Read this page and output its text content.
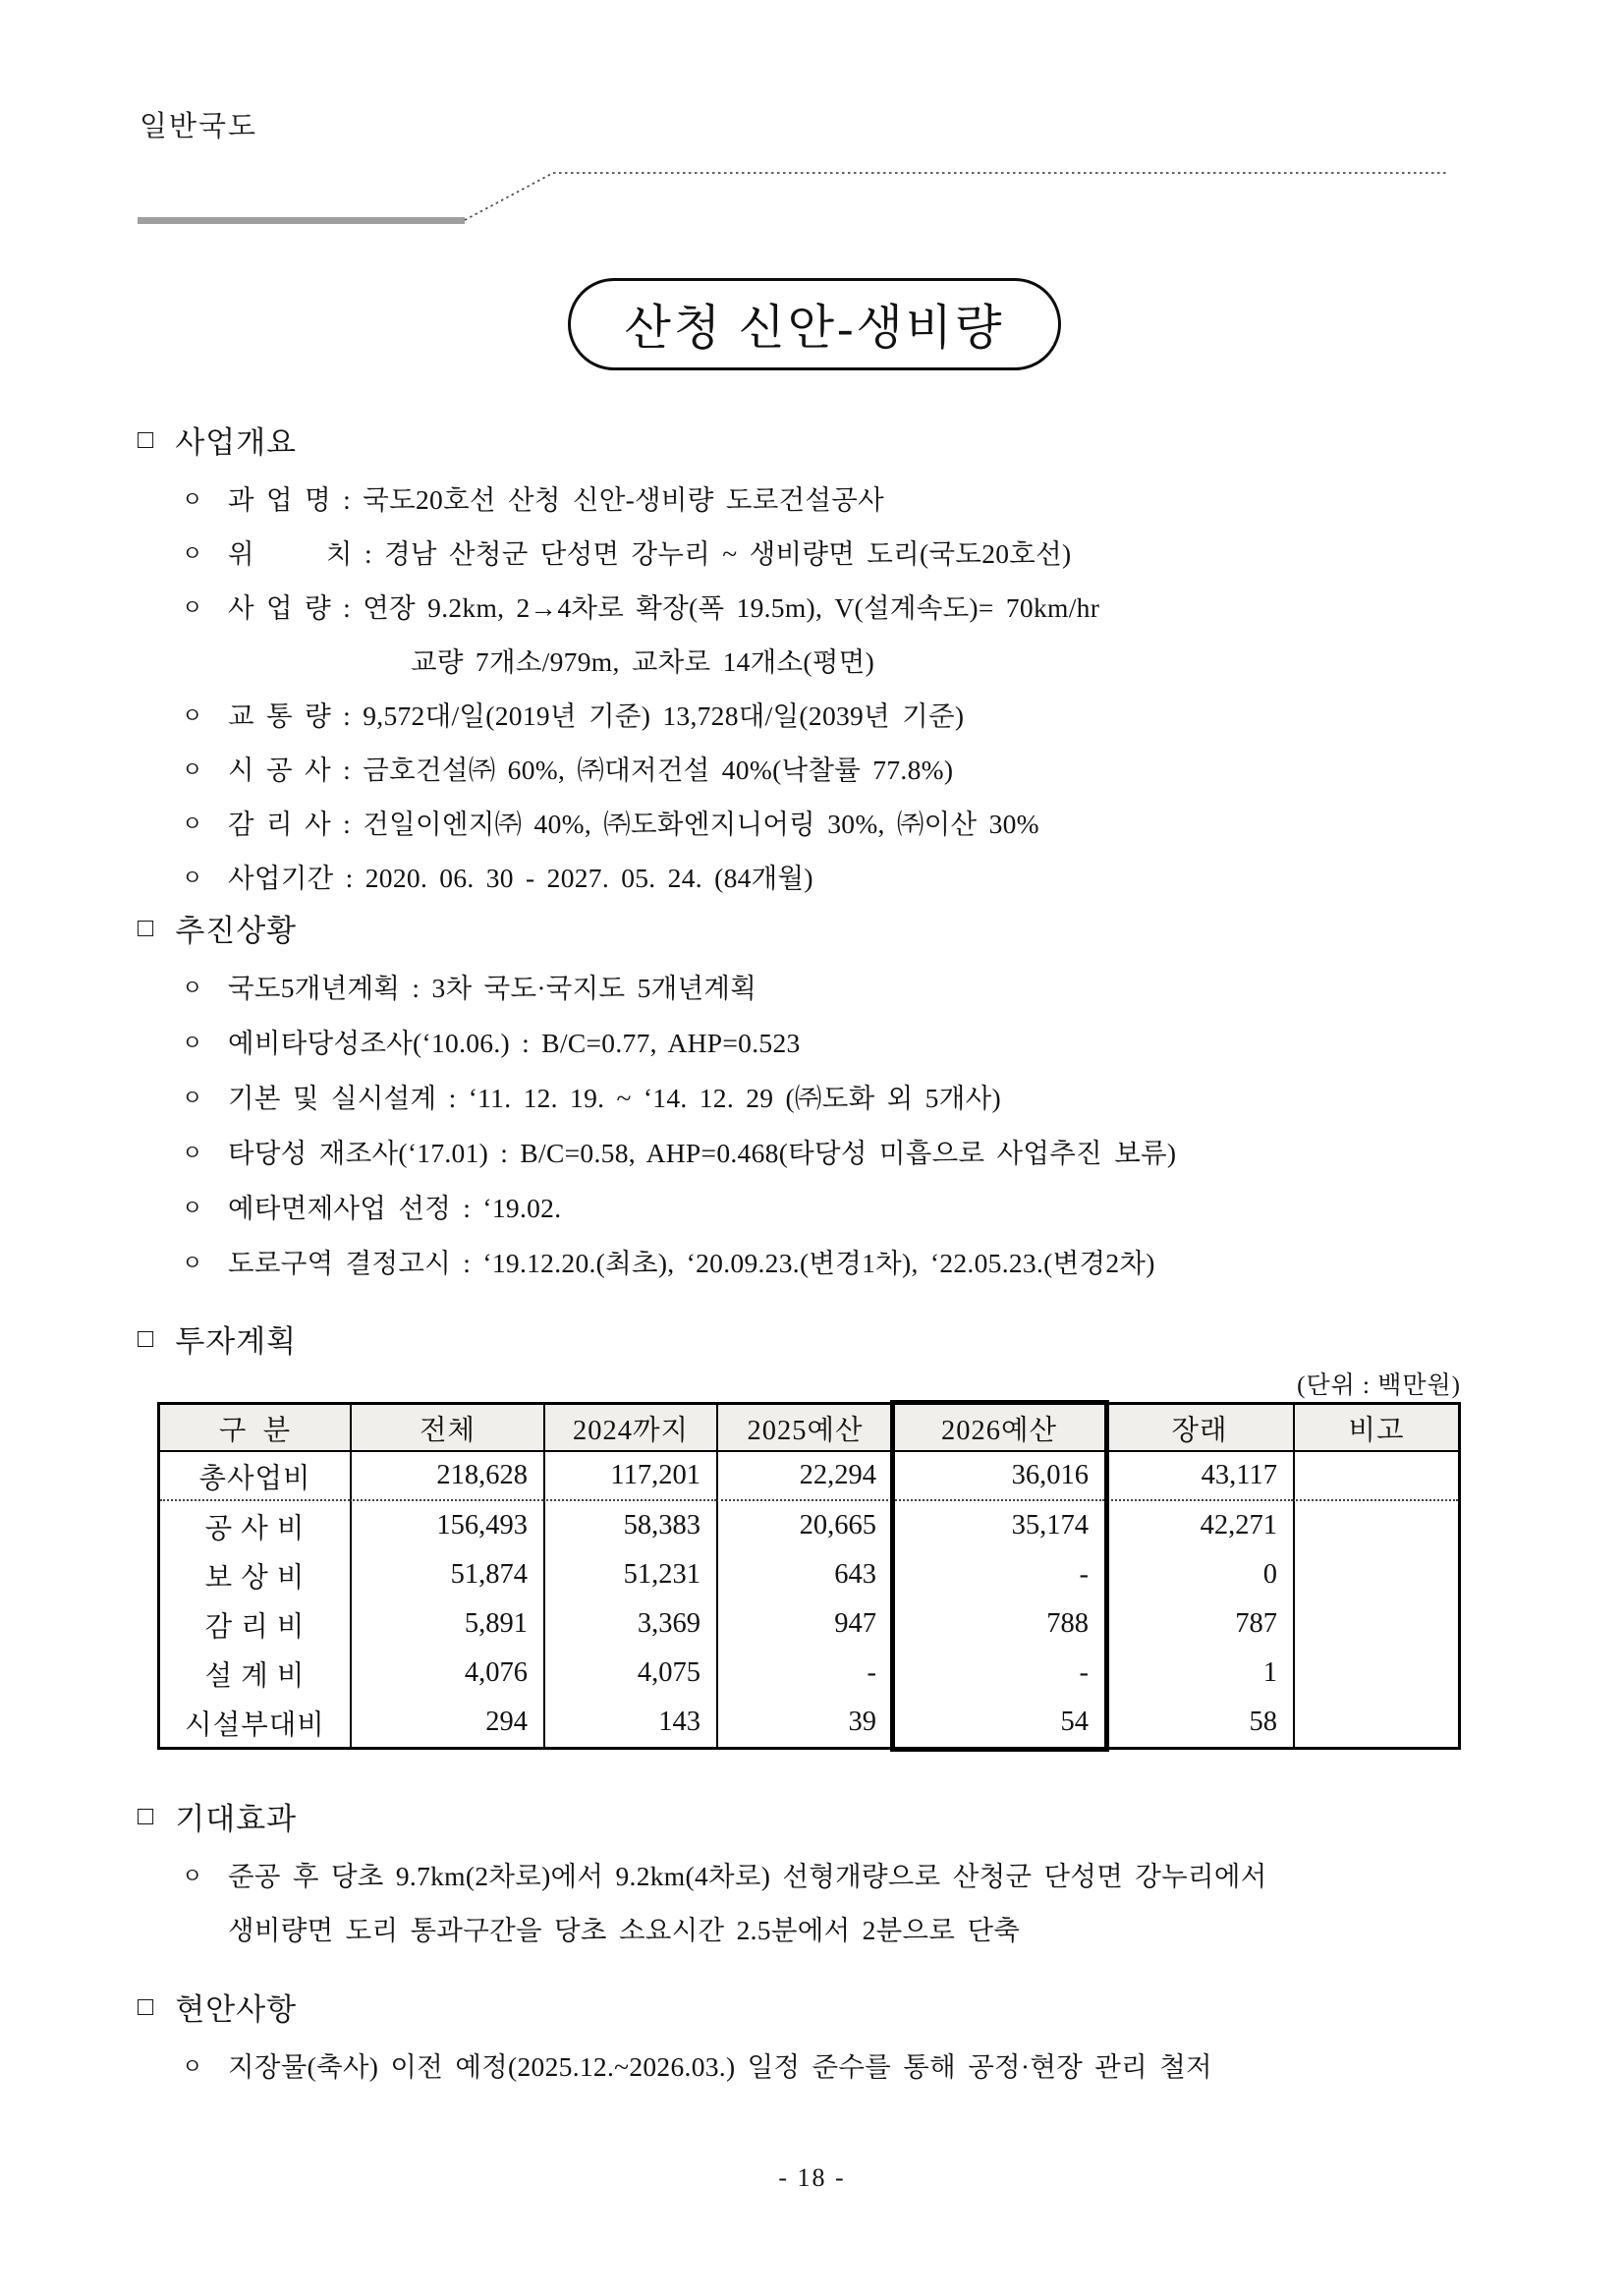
일반국도
산청 신안-생비량
□ 사업개요
ㅇ 과 업 명 : 국도20호선 산청 신안-생비량 도로건설공사
ㅇ 위      치 : 경남 산청군 단성면 강누리 ~ 생비량면 도리(국도20호선)
ㅇ 사 업 량 : 연장 9.2km, 2→4차로 확장(폭 19.5m), V(설계속도)= 70km/hr
교량 7개소/979m, 교차로 14개소(평면)
ㅇ 교 통 량 : 9,572대/일(2019년 기준) 13,728대/일(2039년 기준)
ㅇ 시 공 사 : 금호건설㈜ 60%, ㈜대저건설 40%(낙찰률 77.8%)
ㅇ 감 리 사 : 건일이엔지㈜ 40%, ㈜도화엔지니어링 30%, ㈜이산 30%
ㅇ 사업기간 : 2020. 06. 30 - 2027. 05. 24. (84개월)
□ 추진상황
ㅇ 국도5개년계획 : 3차 국도·국지도 5개년계획
ㅇ 예비타당성조사(‘10.06.) : B/C=0.77, AHP=0.523
ㅇ 기본 및 실시설계 : ‘11. 12. 19. ~ ‘14. 12. 29 (㈜도화 외 5개사)
ㅇ 타당성 재조사(‘17.01) : B/C=0.58, AHP=0.468(타당성 미흡으로 사업추진 보류)
ㅇ 예타면제사업 선정 : ‘19.02.
ㅇ 도로구역 결정고시 : ‘19.12.20.(최초), ‘20.09.23.(변경1차), ‘22.05.23.(변경2차)
□ 투자계획
(단위 : 백만원)
구  분	전체	2024까지	2025예산	2026예산	장래	비고
총사업비	218,628	117,201	22,294	36,016	43,117
공 사 비	156,493	58,383	20,665	35,174	42,271
보 상 비	51,874	51,231	643	-	0
감 리 비	5,891	3,369	947	788	787
설 계 비	4,076	4,075	-	-	1
시설부대비	294	143	39	54	58
□ 기대효과
ㅇ 준공 후 당초 9.7km(2차로)에서 9.2km(4차로) 선형개량으로 산청군 단성면 강누리에서
생비량면 도리 통과구간을 당초 소요시간 2.5분에서 2분으로 단축
□ 현안사항
ㅇ 지장물(축사) 이전 예정(2025.12.~2026.03.) 일정 준수를 통해 공정·현장 관리 철저
- 18 -
